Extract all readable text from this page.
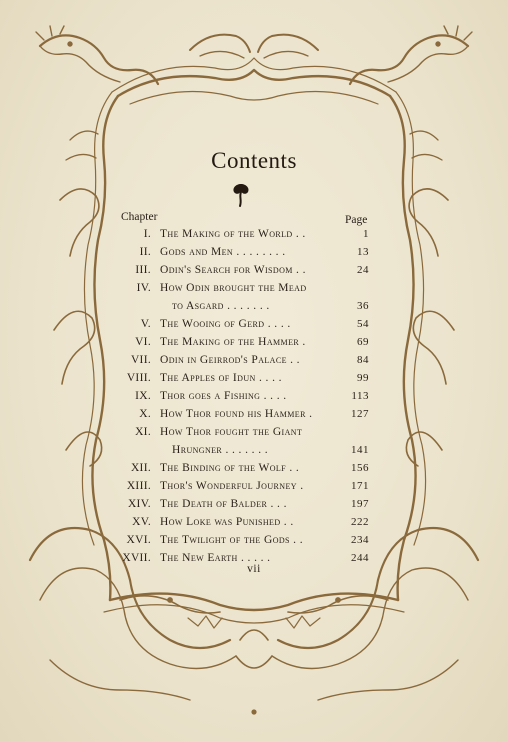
Contents
Chapter	Page
I. The Making of the World . .	1
II. Gods and Men . . . . . . . .	13
III. Odin's Search for Wisdom . .	24
IV. How Odin brought the Mead
to Asgard . . . . . . .	36
V. The Wooing of Gerd . . . .	54
VI. The Making of the Hammer .	69
VII. Odin in Geirrod's Palace . .	84
VIII. The Apples of Idun . . . .	99
IX. Thor goes a Fishing . . . .	113
X. How Thor found his Hammer .	127
XI. How Thor fought the Giant
Hrungner . . . . . . .	141
XII. The Binding of the Wolf . .	156
XIII. Thor's Wonderful Journey .	171
XIV. The Death of Balder . . .	197
XV. How Loke was Punished . .	222
XVI. The Twilight of the Gods . .	234
XVII. The New Earth . . . . .	244
vii
